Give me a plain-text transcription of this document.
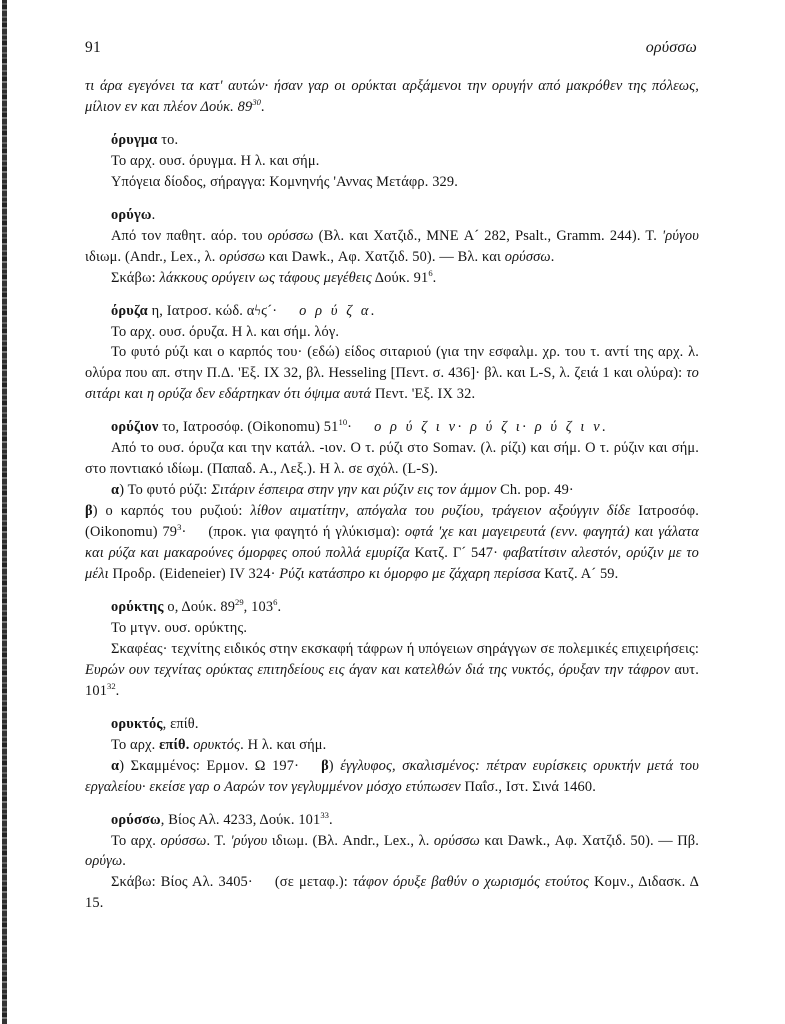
91	ορύσσω

τι άρα εγεγόνει τα κατ' αυτών· ήσαν γαρ οι ορύκται αρξάμενοι την ορυγήν από μακρόθεν της πόλεως, μίλιον εν και πλέον Δούκ. $89^{30}$.

όρυγμα το.

Το αρχ. ουσ. όρυγμα. Η λ. και σήμ.

Υπόγεια δίοδος, σήραγγα: Κομνηνής 'Αννας Μετάφρ. 329.

ορύγω.

Από τον παθητ. αόρ. του ορύσσω (Βλ. και Χατζιδ., MNE Α´ 282, Psalt., Gramm. 244). Τ. 'ρύγου ιδιωμ. (Andr., Lex., λ. ορύσσω και Dawk., Αφ. Χατζιδ. 50). — Βλ. και ορύσσω.

Σκάβω: λάκκους ορύγειν ως τάφους μεγέθεις Δούκ. $91^6$.

όρυζα η, Ιατροσ. κώδ. αϟϛ´· ο ρ ύ ζ α.

Το αρχ. ουσ. όρυζα. Η λ. και σήμ. λόγ.

Το φυτό ρύζι και ο καρπός του· (εδώ) είδος σιταριού (για την εσφαλμ. χρ. του τ. αντί της αρχ. λ. ολύρα που απ. στην Π.Δ. 'Εξ. IX 32, βλ. Hesseling [Πεντ. σ. 436]· βλ. και L-S, λ. ζειά 1 και ολύρα): το σιτάρι και η ορύζα δεν εδάρτηκαν ότι όψιμα αυτά Πεντ. 'Εξ. IX 32.

ορύζιον το, Ιατροσόφ. (Oikonomu) $51^{10}\cdot o$ ρ ύ ζ ι ν· ρ ύ ζ ι· ρ ύ ζ ι ν.

Από το ουσ. όρυζα και την κατάλ. -ιον. Ο τ. ρύζι στο Somav. (λ. ρίζι) και σήμ. Ο τ. ρύζιν και σήμ. στο ποντιακό ιδίωμ. (Παπαδ. Α., Λεξ.). Η λ. σε σχόλ. (L-S).

α) Το φυτό ρύζι: Σιτάριν έσπειρα στην γην και ρύζιν εις τον άμμον Ch. pop. 49·

β) ο καρπός του ρυζιού: λίθον αιματίτην, απόγαλα του ρυζίου, τράγειον αξούγγιν δίδε Ιατροσόφ. (Oikonomu) $79^3\cdot (\pi\rho o\kappa$. για φαγητό ή γλύκισμα): οφτά 'χε και μαγειρευτά (ενν. φαγητά) και γάλατα και ρύζα και μακαρούνες όμορφες οπού πολλά εμυρίζα Κατζ. Γ´ 547· φαβατίτσιν αλεστόν, ορύζιν με το μέλι Προδρ. (Eideneier) IV 324· Ρύζι κατάσπρο κι όμορφο με ζάχαρη περίσσα Κατζ. Α´ 59.

ορύκτης ο, Δούκ. $89^{29}$, $103^6$.

Το μτγν. ουσ. ορύκτης.

Σκαφέας· τεχνίτης ειδικός στην εκσκαφή τάφρων ή υπόγειων σηράγγων σε πολεμικές επιχειρήσεις: Ευρών ουν τεχνίτας ορύκτας επιτηδείους εις άγαν και κατελθών διά της νυκτός, όρυξαν την τάφρον αυτ. $101^{32}$.

ορυκτός, επίθ.

Το αρχ. επίθ. ορυκτός. Η λ. και σήμ.

α) Σκαμμένος: Ερμον. Ω 197· β) έγγλυφος, σκαλισμένος: πέτραν ευρίσκεις ορυκτήν μετά του εργαλείου· εκείσε γαρ ο Ααρών τον γεγλυμμένον μόσχο ετύπωσεν Παΐσ., Ιστ. Σινά 1460.

ορύσσω, Βίος Αλ. 4233, Δούκ. $101^{33}$.

Το αρχ. ορύσσω. Τ. 'ρύγου ιδιωμ. (Βλ. Andr., Lex., λ. ορύσσω και Dawk., Αφ. Χατζιδ. 50). — Πβ. ορύγω.

Σκάβω: Βίος Αλ. 3405· (σε μεταφ.): τάφον όρυξε βαθύν ο χωρισμός ετούτος Κομν., Διδασκ. Δ 15.
